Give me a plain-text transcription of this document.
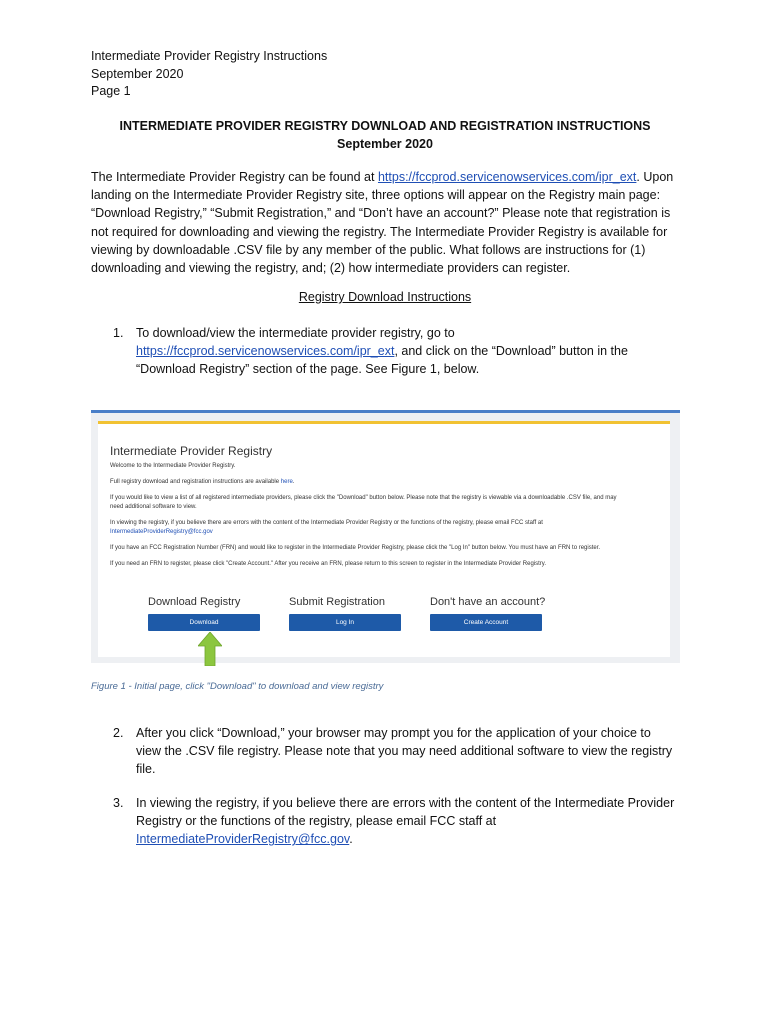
Intermediate Provider Registry Instructions
September 2020
Page 1
INTERMEDIATE PROVIDER REGISTRY DOWNLOAD AND REGISTRATION INSTRUCTIONS
September 2020
The Intermediate Provider Registry can be found at https://fccprod.servicenowservices.com/ipr_ext. Upon landing on the Intermediate Provider Registry site, three options will appear on the Registry main page: “Download Registry,” “Submit Registration,” and “Don’t have an account?” Please note that registration is not required for downloading and viewing the registry. The Intermediate Provider Registry is available for viewing by downloadable .CSV file by any member of the public. What follows are instructions for (1) downloading and viewing the registry, and; (2) how intermediate providers can register.
Registry Download Instructions
1. To download/view the intermediate provider registry, go to https://fccprod.servicenowservices.com/ipr_ext, and click on the “Download” button in the “Download Registry” section of the page. See Figure 1, below.
Intermediate Provider Registry
Welcome to the Intermediate Provider Registry.
Full registry download and registration instructions are available here.
If you would like to view a list of all registered intermediate providers, please click the "Download" button below. Please note that the registry is viewable via a downloadable .CSV file, and may
need additional software to view.
In viewing the registry, if you believe there are errors with the content of the Intermediate Provider Registry or the functions of the registry, please email FCC staff at
IntermediateProviderRegistry@fcc.gov
If you have an FCC Registration Number (FRN) and would like to register in the Intermediate Provider Registry, please click the "Log In" button below. You must have an FRN to register.
If you need an FRN to register, please click "Create Account." After you receive an FRN, please return to this screen to register in the Intermediate Provider Registry.
Download Registry	Submit Registration	Don't have an account?
Download	Log In	Create Account
Figure 1 - Initial page, click "Download" to download and view registry
2. After you click “Download,” your browser may prompt you for the application of your choice to view the .CSV file registry. Please note that you may need additional software to view the registry file.
3. In viewing the registry, if you believe there are errors with the content of the Intermediate Provider Registry or the functions of the registry, please email FCC staff at IntermediateProviderRegistry@fcc.gov.
